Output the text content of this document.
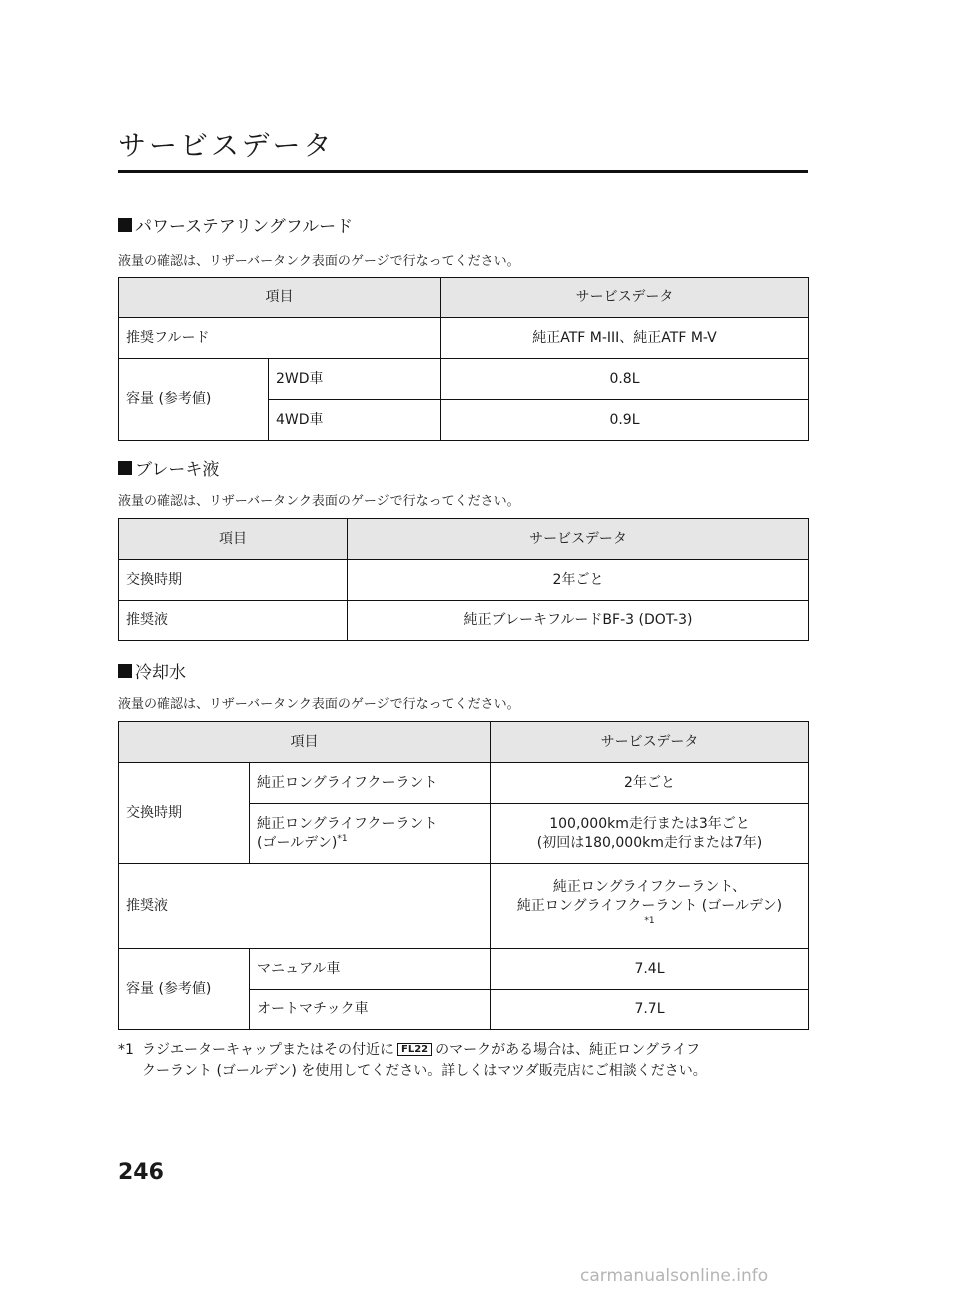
サービスデータ
パワーステアリングフルード
液量の確認は、リザーバータンク表面のゲージで行なってください。
項目		サービスデータ
推奨フルード		純正ATF M-III、純正ATF M-V
容量 (参考値)	2WD車	0.8L
	4WD車	0.9L
ブレーキ液
液量の確認は、リザーバータンク表面のゲージで行なってください。
項目	サービスデータ
交換時期	2年ごと
推奨液	純正ブレーキフルードBF-3 (DOT-3)
冷却水
液量の確認は、リザーバータンク表面のゲージで行なってください。
項目		サービスデータ
交換時期	純正ロングライフクーラント	2年ごと
	純正ロングライフクーラント
(ゴールデン)$^{*1}$	100,000km走行または3年ごと
(初回は180,000km走行または7年)
推奨液		純正ロングライフクーラント、
純正ロングライフクーラント (ゴールデン)
$^{*1}$
容量 (参考値)	マニュアル車	7.4L
	オートマチック車	7.7L
*1 ラジエーターキャップまたはその付近に FL22 のマークがある場合は、純正ロングライフ
クーラント (ゴールデン) を使用してください。詳しくはマツダ販売店にご相談ください。
246
carmanualsonline.info
